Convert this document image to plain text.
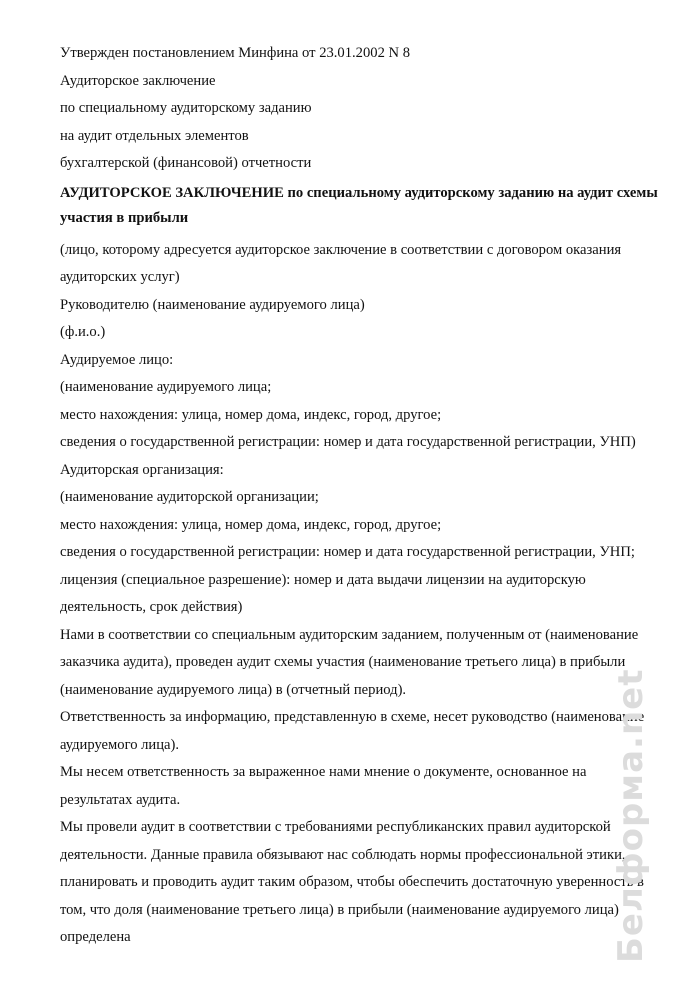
Утвержден постановлением Минфина от 23.01.2002 N 8

Аудиторское заключение

по специальному аудиторскому заданию

на аудит отдельных элементов

бухгалтерской (финансовой) отчетности

АУДИТОРСКОЕ ЗАКЛЮЧЕНИЕ по специальному аудиторскому заданию на аудит схемы участия в прибыли

(лицо, которому адресуется аудиторское заключение в соответствии с договором оказания аудиторских услуг)

Руководителю (наименование аудируемого лица)

(ф.и.о.)

Аудируемое лицо:

(наименование аудируемого лица;

место нахождения: улица, номер дома, индекс, город, другое;

сведения о государственной регистрации: номер и дата государственной регистрации, УНП)

Аудиторская организация:

(наименование аудиторской организации;

место нахождения: улица, номер дома, индекс, город, другое;

сведения о государственной регистрации: номер и дата государственной регистрации, УНП;

лицензия (специальное разрешение): номер и дата выдачи лицензии на аудиторскую деятельность, срок действия)

Нами в соответствии со специальным аудиторским заданием, полученным от (наименование заказчика аудита), проведен аудит схемы участия (наименование третьего лица) в прибыли (наименование аудируемого лица) в (отчетный период).

Ответственность за информацию, представленную в схеме, несет руководство (наименование аудируемого лица).

Мы несем ответственность за выраженное нами мнение о документе, основанное на результатах аудита.

Мы провели аудит в соответствии с требованиями республиканских правил аудиторской деятельности. Данные правила обязывают нас соблюдать нормы профессиональной этики, планировать и проводить аудит таким образом, чтобы обеспечить достаточную уверенность в том, что доля (наименование третьего лица) в прибыли (наименование аудируемого лица) определена	Белформа.net
